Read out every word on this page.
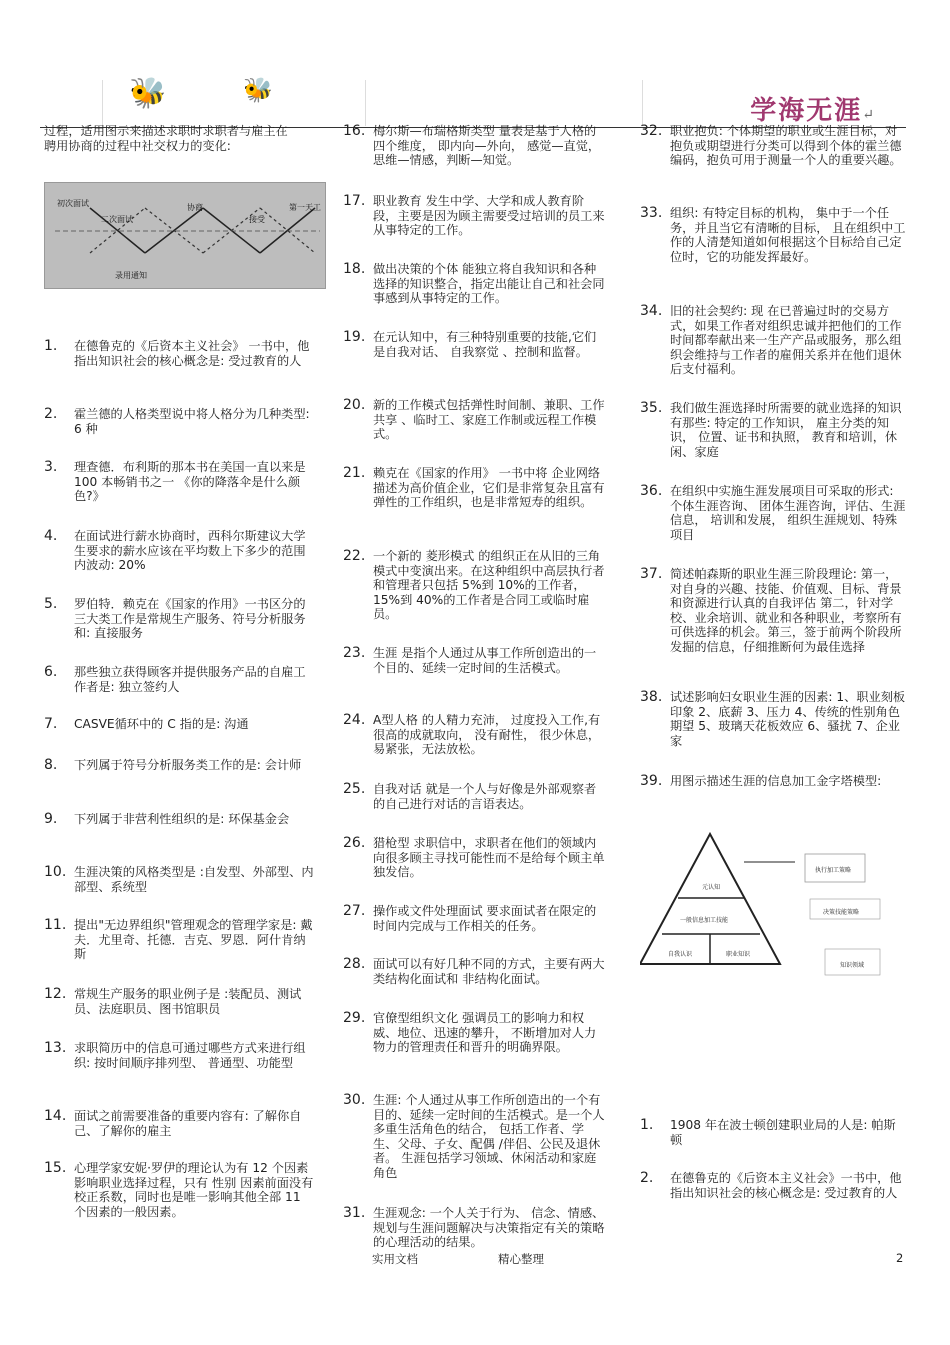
🐝	🐝
学海无涯↵
过程，适用图示来描述求职时求职者与雇主在聘用协商的过程中社交权力的变化:
初次面试
二次面试
协商
接受
第一天工
录用通知
求职者：实线	雇主：虚线
1.	在德鲁克的《后资本主义社会》 一书中，他指出知识社会的核心概念是: 受过教育的人
2.	霍兰德的人格类型说中将人格分为几种类型: 6 种
3.	理查德．布利斯的那本书在美国一直以来是 100 本畅销书之一 《你的降落伞是什么颜色?》
4.	在面试进行薪水协商时，西科尔斯建议大学生要求的薪水应该在平均数上下多少的范围内波动: 20%
5.	罗伯特．赖克在《国家的作用》一书区分的三大类工作是常规生产服务、符号分析服务和: 直接服务
6.	那些独立获得顾客并提供服务产品的自雇工作者是: 独立签约人
7.	CASVE循环中的 C 指的是: 沟通
8.	下列属于符号分析服务类工作的是: 会计师
9.	下列属于非营利性组织的是: 环保基金会
10. 生涯决策的风格类型是 :自发型、外部型、内部型、系统型
11. 提出"无边界组织"管理观念的管理学家是: 戴夫．尤里奇、托德．吉克、罗恩．阿什肯纳斯
12. 常规生产服务的职业例子是 :装配员、测试员、法庭职员、图书馆职员
13. 求职简历中的信息可通过哪些方式来进行组织: 按时间顺序排列型、 普通型、功能型
14. 面试之前需要准备的重要内容有: 了解你自己、了解你的雇主
15. 心理学家安妮·罗伊的理论认为有 12 个因素影响职业选择过程，只有 性别 因素前面没有校正系数，同时也是唯一影响其他全部 11 个因素的一般因素。
16. 梅尔斯—布瑞格斯类型 量表是基于人格的四个维度， 即内向—外向， 感觉—直觉，思维—情感，判断—知觉。
17. 职业教育 发生中学、大学和成人教育阶段，主要是因为顾主需要受过培训的员工来从事特定的工作。
18. 做出决策的个体 能独立将自我知识和各种选择的知识整合，指定出能让自己和社会同事感到从事特定的工作。
19. 在元认知中，有三种特别重要的技能,它们是自我对话、 自我察觉 、控制和监督。
20. 新的工作模式包括弹性时间制、兼职、工作共享 、临时工、家庭工作制或远程工作模式。
21. 赖克在《国家的作用》 一书中将 企业网络 描述为高价值企业，它们是非常复杂且富有弹性的工作组织，也是非常短寿的组织。
22. 一个新的 菱形模式 的组织正在从旧的三角模式中变演出来。在这种组织中高层执行者和管理者只包括 5%到 10%的工作者， 15%到 40%的工作者是合同工或临时雇员。
23. 生涯 是指个人通过从事工作所创造出的一个目的、延续一定时间的生活模式。
24. A型人格 的人精力充沛， 过度投入工作,有很高的成就取向， 没有耐性， 很少休息，易紧张，无法放松。
25. 自我对话 就是一个人与好像是外部观察者的自己进行对话的言语表达。
26. 猎枪型 求职信中，求职者在他们的领域内向很多顾主寻找可能性而不是给每个顾主单独发信。
27. 操作或文件处理面试 要求面试者在限定的时间内完成与工作相关的任务。
28. 面试可以有好几种不同的方式，主要有两大类结构化面试和 非结构化面试。
29. 官僚型组织文化 强调员工的影响力和权威、地位、迅速的攀升， 不断增加对人力物力的管理责任和晋升的明确界限。
30. 生涯: 个人通过从事工作所创造出的一个有目的、延续一定时间的生活模式。是一个人多重生活角色的结合， 包括工作者、学生、父母、子女、配偶 /伴侣、公民及退休者。 生涯包括学习领域、休闲活动和家庭角色
31. 生涯观念: 一个人关于行为、 信念、情感、规划与生涯问题解决与决策指定有关的策略的心理活动的结果。
32. 职业抱负: 个体期望的职业或生涯目标，对抱负或期望进行分类可以得到个体的霍兰德编码，抱负可用于测量一个人的重要兴趣。
33. 组织: 有特定目标的机构， 集中于一个任务，并且当它有清晰的目标， 且在组织中工作的人清楚知道如何根据这个目标给自己定位时，它的功能发挥最好。
34. 旧的社会契约: 现 在已普遍过时的交易方式，如果工作者对组织忠诚并把他们的工作时间都奉献出来一生产产品或服务，那么组织会维持与工作者的雇佣关系并在他们退休后支付福利。
35. 我们做生涯选择时所需要的就业选择的知识有那些: 特定的工作知识， 雇主分类的知识， 位置、证书和执照， 教育和培训，休闲、家庭
36. 在组织中实施生涯发展项目可采取的形式: 个体生涯咨询、 团体生涯咨询，评估、生涯信息， 培训和发展， 组织生涯规划、特殊项目
37. 简述帕森斯的职业生涯三阶段理论: 第一，对自身的兴趣、技能、价值观、目标、背景和资源进行认真的自我评估 第二，针对学校、业余培训、就业和各种职业，考察所有可供选择的机会。第三，签于前两个阶段所发掘的信息，仔细推断何为最佳选择
38. 试述影响妇女职业生涯的因素: 1、职业刻板印象 2、底薪 3、压力 4、传统的性别角色期望 5、玻璃天花板效应 6、骚扰 7、企业家
39. 用图示描述生涯的信息加工金字塔模型:
元认知
一般信息加工技能
自我认识	职业知识
执行加工策略
决策技能策略
知识领域
1.	1908 年在波士顿创建职业局的人是: 帕斯顿
2.	在德鲁克的《后资本主义社会》一书中，他指出知识社会的核心概念是: 受过教育的人
实用文档	精心整理	2
